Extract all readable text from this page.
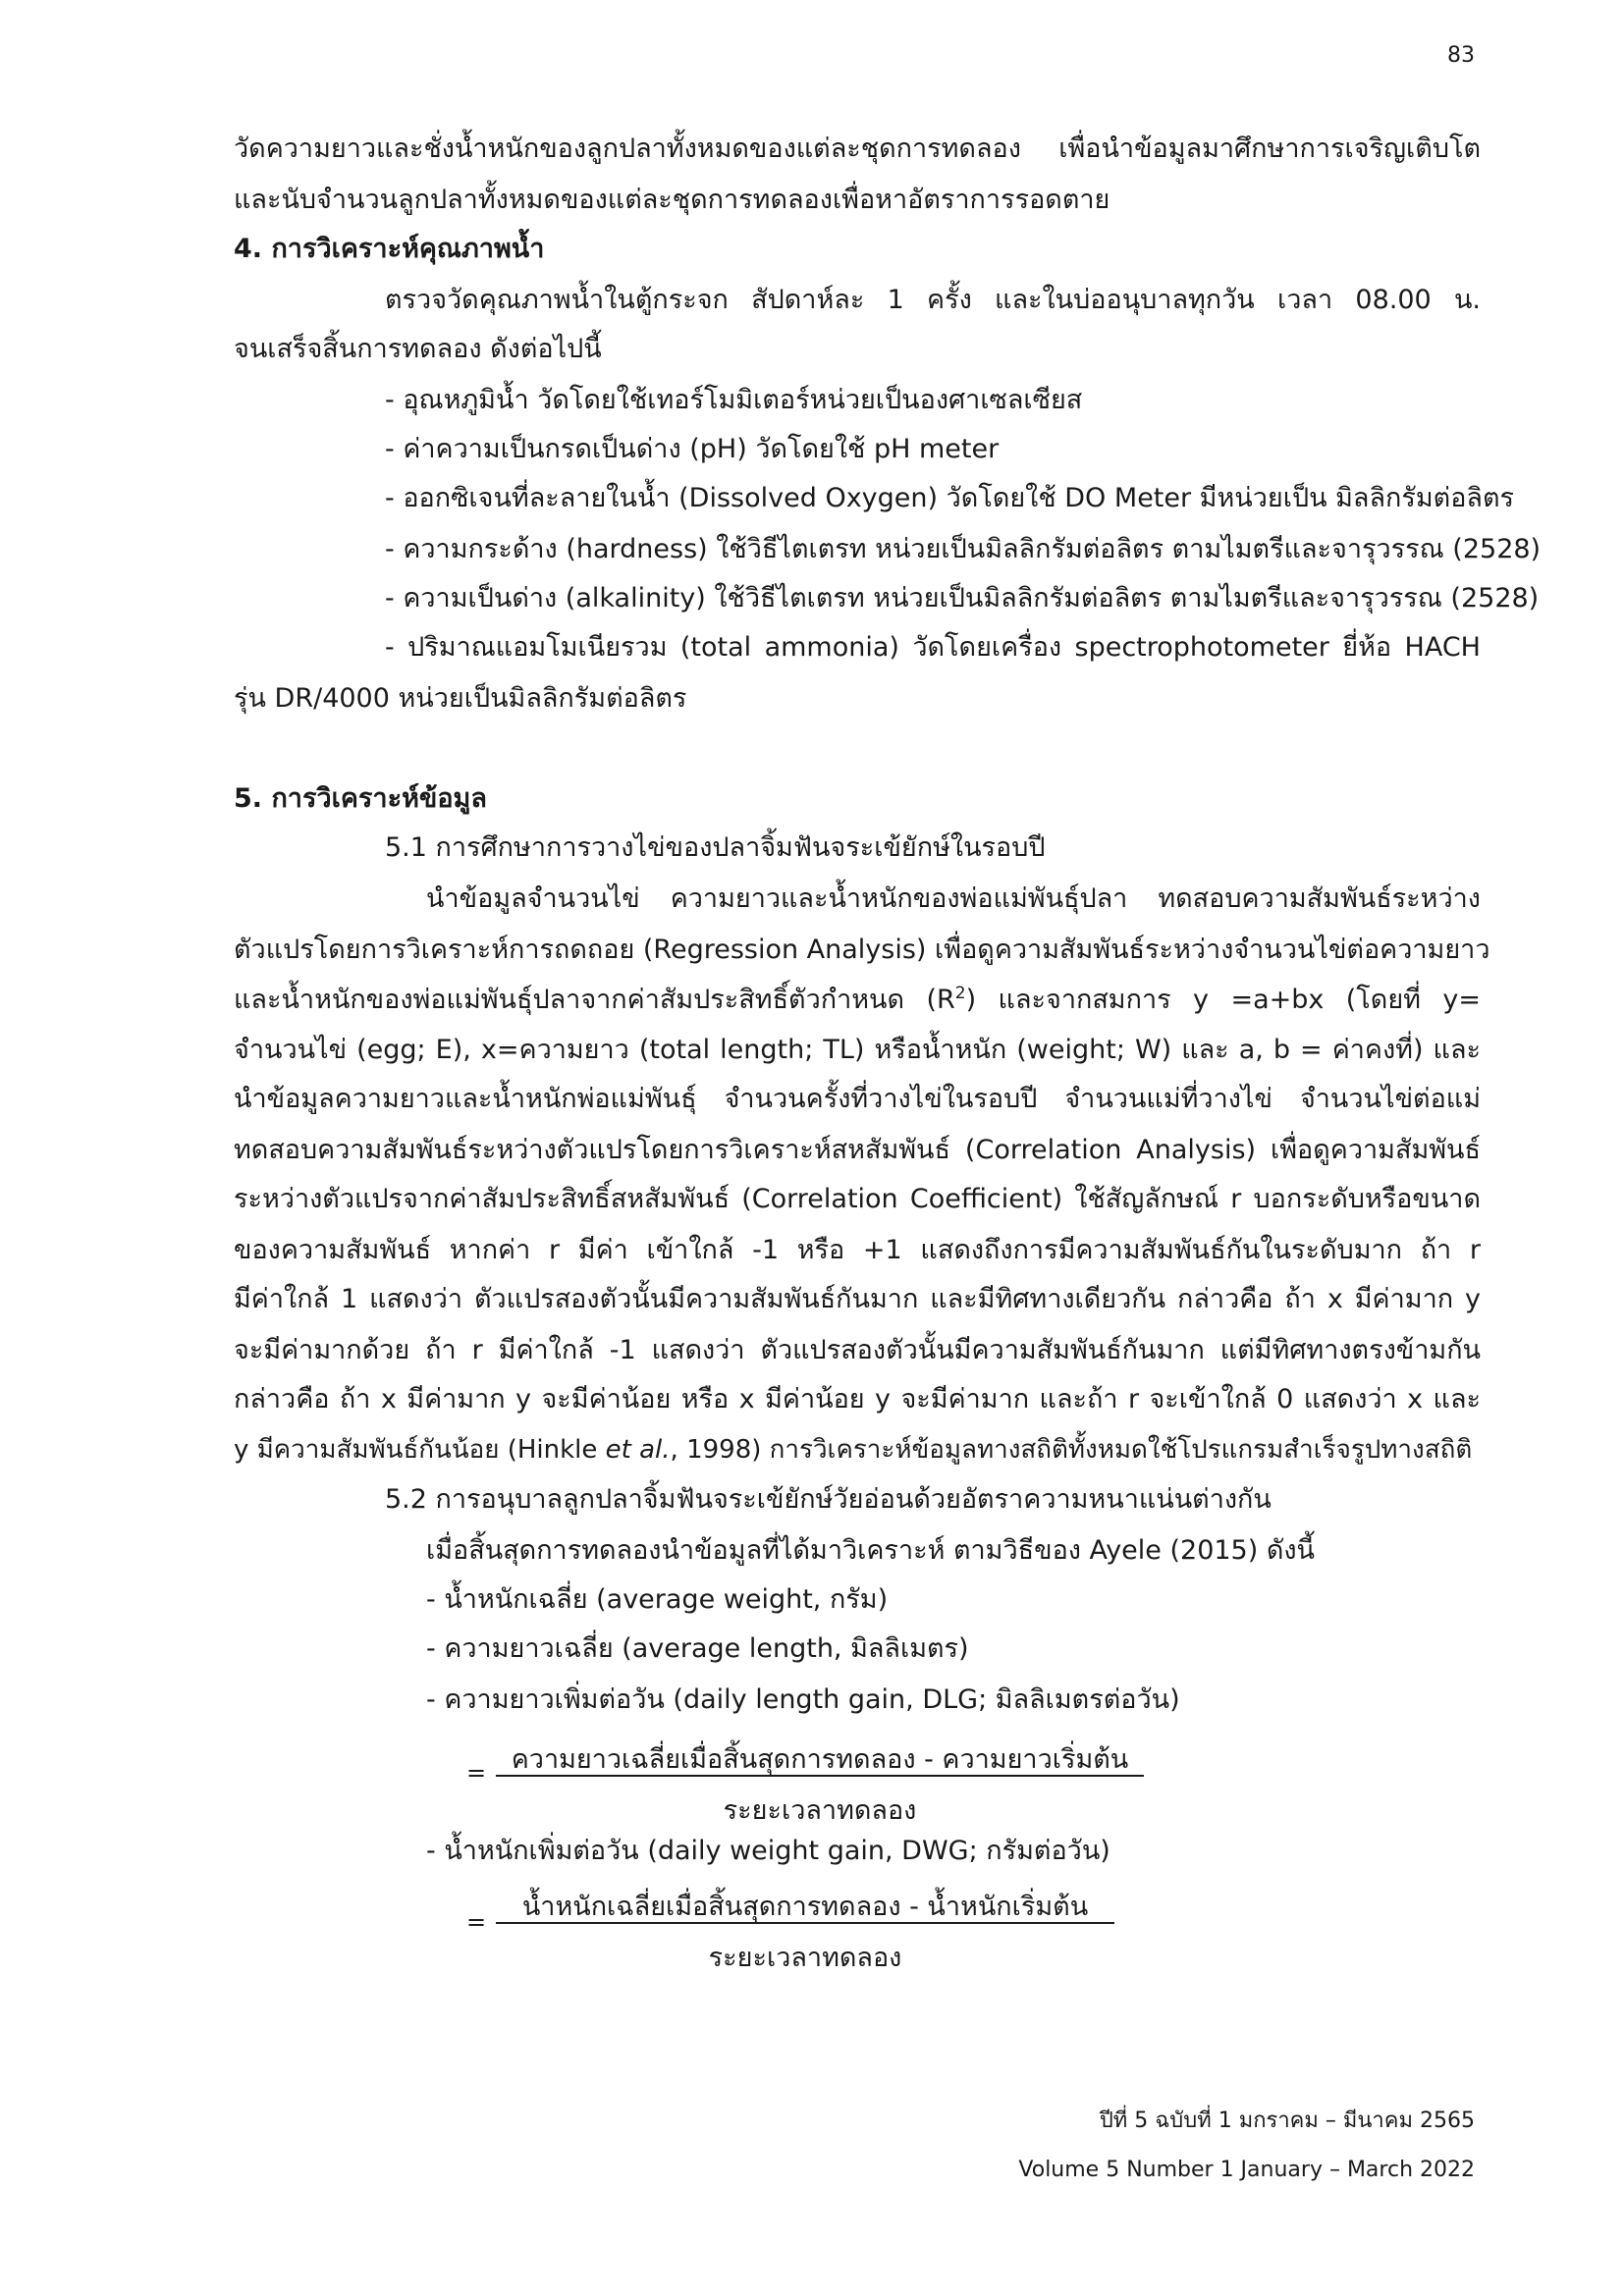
83
วัดความยาวและชั่งน้ำหนักของลูกปลาทั้งหมดของแต่ละชุดการทดลอง เพื่อนำข้อมูลมาศึกษาการเจริญเติบโต
และนับจำนวนลูกปลาทั้งหมดของแต่ละชุดการทดลองเพื่อหาอัตราการรอดตาย
4. การวิเคราะห์คุณภาพน้ำ
ตรวจวัดคุณภาพน้ำในตู้กระจก สัปดาห์ละ 1 ครั้ง และในบ่ออนุบาลทุกวัน เวลา 08.00 น.
จนเสร็จสิ้นการทดลอง ดังต่อไปนี้
- อุณหภูมิน้ำ วัดโดยใช้เทอร์โมมิเตอร์หน่วยเป็นองศาเซลเซียส
- ค่าความเป็นกรดเป็นด่าง (pH) วัดโดยใช้ pH meter
- ออกซิเจนที่ละลายในน้ำ (Dissolved Oxygen) วัดโดยใช้ DO Meter มีหน่วยเป็น มิลลิกรัมต่อลิตร
- ความกระด้าง (hardness) ใช้วิธีไตเตรท หน่วยเป็นมิลลิกรัมต่อลิตร ตามไมตรีและจารุวรรณ (2528)
- ความเป็นด่าง (alkalinity) ใช้วิธีไตเตรท หน่วยเป็นมิลลิกรัมต่อลิตร ตามไมตรีและจารุวรรณ (2528)
- ปริมาณแอมโมเนียรวม (total ammonia) วัดโดยเครื่อง spectrophotometer ยี่ห้อ HACH
รุ่น DR/4000 หน่วยเป็นมิลลิกรัมต่อลิตร
5. การวิเคราะห์ข้อมูล
5.1 การศึกษาการวางไข่ของปลาจิ้มฟันจระเข้ยักษ์ในรอบปี
นำข้อมูลจำนวนไข่ ความยาวและน้ำหนักของพ่อแม่พันธุ์ปลา ทดสอบความสัมพันธ์ระหว่าง
ตัวแปรโดยการวิเคราะห์การถดถอย (Regression Analysis) เพื่อดูความสัมพันธ์ระหว่างจำนวนไข่ต่อความยาว
และน้ำหนักของพ่อแม่พันธุ์ปลาจากค่าสัมประสิทธิ์ตัวกำหนด $(R^2)$ และจากสมการ y =a+bx (โดยที่ y=
จำนวนไข่ (egg; E), x=ความยาว (total length; TL) หรือน้ำหนัก (weight; W) และ a, b = ค่าคงที่) และ
นำข้อมูลความยาวและน้ำหนักพ่อแม่พันธุ์ จำนวนครั้งที่วางไข่ในรอบปี จำนวนแม่ที่วางไข่ จำนวนไข่ต่อแม่
ทดสอบความสัมพันธ์ระหว่างตัวแปรโดยการวิเคราะห์สหสัมพันธ์ (Correlation Analysis) เพื่อดูความสัมพันธ์
ระหว่างตัวแปรจากค่าสัมประสิทธิ์สหสัมพันธ์ (Correlation Coefficient) ใช้สัญลักษณ์ r บอกระดับหรือขนาด
ของความสัมพันธ์ หากค่า r มีค่า เข้าใกล้ -1 หรือ +1 แสดงถึงการมีความสัมพันธ์กันในระดับมาก ถ้า r
มีค่าใกล้ 1 แสดงว่า ตัวแปรสองตัวนั้นมีความสัมพันธ์กันมาก และมีทิศทางเดียวกัน กล่าวคือ ถ้า x มีค่ามาก y
จะมีค่ามากด้วย ถ้า r มีค่าใกล้ -1 แสดงว่า ตัวแปรสองตัวนั้นมีความสัมพันธ์กันมาก แต่มีทิศทางตรงข้ามกัน
กล่าวคือ ถ้า x มีค่ามาก y จะมีค่าน้อย หรือ x มีค่าน้อย y จะมีค่ามาก และถ้า r จะเข้าใกล้ 0 แสดงว่า x และ
y มีความสัมพันธ์กันน้อย (Hinkle et al., 1998) การวิเคราะห์ข้อมูลทางสถิติทั้งหมดใช้โปรแกรมสำเร็จรูปทางสถิติ
5.2 การอนุบาลลูกปลาจิ้มฟันจระเข้ยักษ์วัยอ่อนด้วยอัตราความหนาแน่นต่างกัน
เมื่อสิ้นสุดการทดลองนำข้อมูลที่ได้มาวิเคราะห์ ตามวิธีของ Ayele (2015) ดังนี้
- น้ำหนักเฉลี่ย (average weight, กรัม)
- ความยาวเฉลี่ย (average length, มิลลิเมตร)
- ความยาวเพิ่มต่อวัน (daily length gain, DLG; มิลลิเมตรต่อวัน)
= ความยาวเฉลี่ยเมื่อสิ้นสุดการทดลอง - ความยาวเริ่มต้น
ระยะเวลาทดลอง
- น้ำหนักเพิ่มต่อวัน (daily weight gain, DWG; กรัมต่อวัน)
=	น้ำหนักเฉลี่ยเมื่อสิ้นสุดการทดลอง - น้ำหนักเริ่มต้น
ระยะเวลาทดลอง
ปีที่ 5 ฉบับที่ 1 มกราคม – มีนาคม 2565
Volume 5 Number 1 January – March 2022
